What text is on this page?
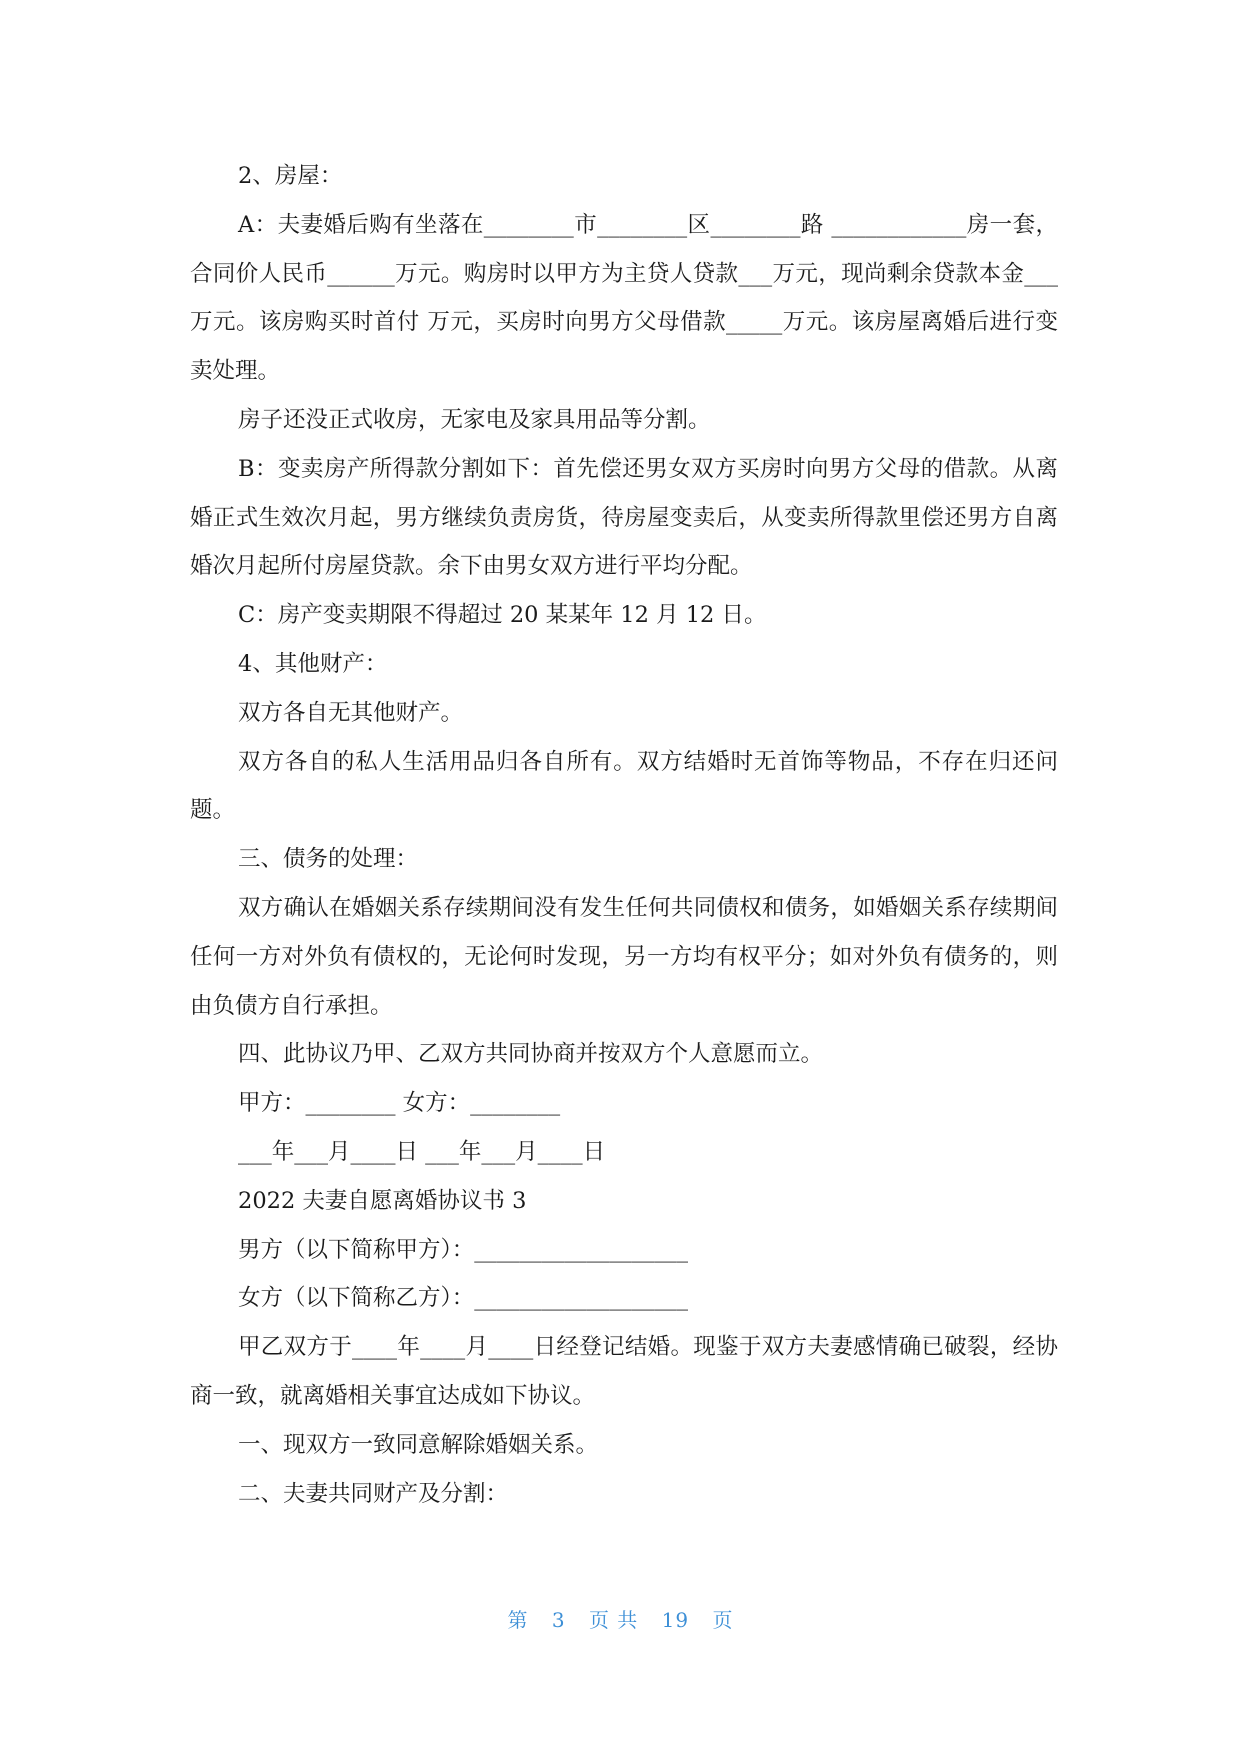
2、房屋：

A：夫妻婚后购有坐落在________市________区________路 ____________房一套，合同价人民币______万元。购房时以甲方为主贷人贷款___万元，现尚剩余贷款本金___万元。该房购买时首付 万元，买房时向男方父母借款_____万元。该房屋离婚后进行变卖处理。

房子还没正式收房，无家电及家具用品等分割。

B：变卖房产所得款分割如下：首先偿还男女双方买房时向男方父母的借款。从离婚正式生效次月起，男方继续负责房货，待房屋变卖后，从变卖所得款里偿还男方自离婚次月起所付房屋贷款。余下由男女双方进行平均分配。

C：房产变卖期限不得超过 20 某某年 12 月 12 日。

4、其他财产：

双方各自无其他财产。

双方各自的私人生活用品归各自所有。双方结婚时无首饰等物品，不存在归还问题。

三、债务的处理：

双方确认在婚姻关系存续期间没有发生任何共同债权和债务，如婚姻关系存续期间任何一方对外负有债权的，无论何时发现，另一方均有权平分；如对外负有债务的，则由负债方自行承担。

四、此协议乃甲、乙双方共同协商并按双方个人意愿而立。

甲方：________ 女方：________

___年___月____日 ___年___月____日

2022 夫妻自愿离婚协议书 3

男方（以下简称甲方）：___________________

女方（以下简称乙方）：___________________

甲乙双方于____年____月____日经登记结婚。现鉴于双方夫妻感情确已破裂，经协商一致，就离婚相关事宜达成如下协议。

一、现双方一致同意解除婚姻关系。

二、夫妻共同财产及分割：

第 3 页 共 19 页
